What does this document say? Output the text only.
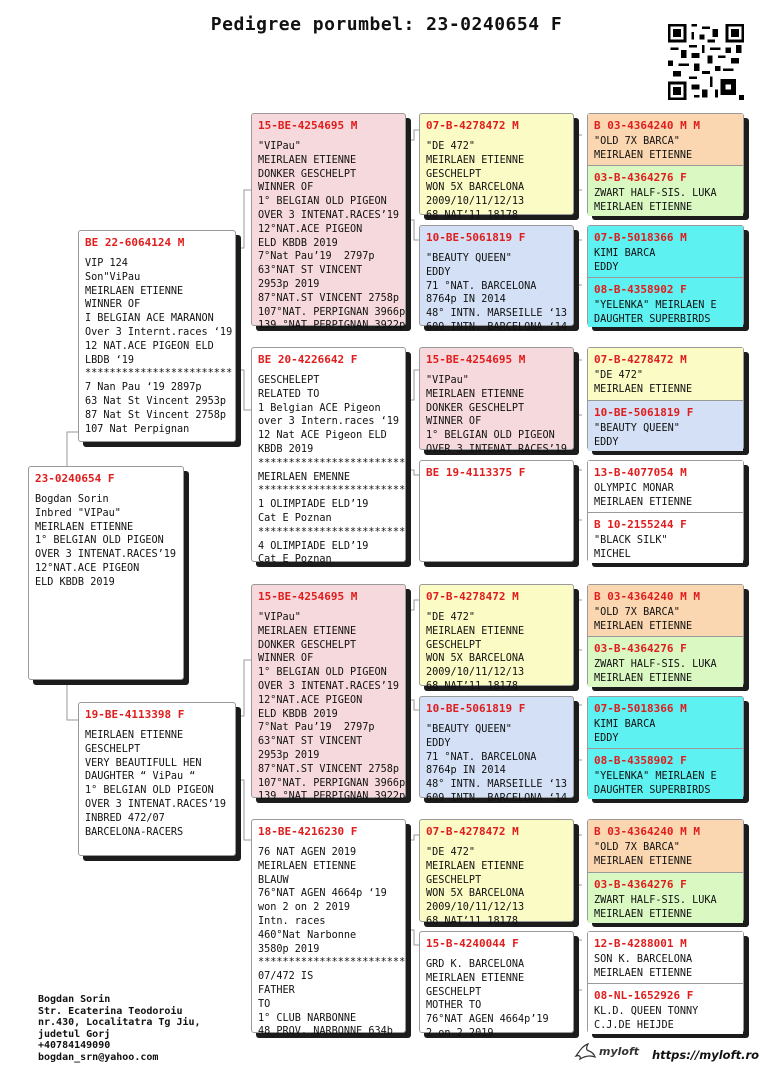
Pedigree porumbel: 23-0240654 F
23-0240654 F
Bogdan Sorin
Inbred "VIPau"
MEIRLAEN ETIENNE
1° BELGIAN OLD PIGEON
OVER 3 INTENAT.RACES’19
12°NAT.ACE PIGEON
ELD KBDB 2019
BE 22-6064124 M
VIP 124
Son"ViPau
MEIRLAEN ETIENNE
WINNER OF
I BELGIAN ACE MARANON
Over 3 Internt.races ‘19
12 NAT.ACE PIGEON ELD
LBDB ‘19
************************
7 Nan Pau ‘19 2897p
63 Nat St Vincent 2953p
87 Nat St Vincent 2758p
107 Nat Perpignan
19-BE-4113398 F
MEIRLAEN ETIENNE
GESCHELPT
VERY BEAUTIFULL HEN
DAUGHTER “ ViPau “
1° BELGIAN OLD PIGEON
OVER 3 INTENAT.RACES’19
INBRED 472/07
BARCELONA-RACERS
15-BE-4254695 M
"VIPau"
MEIRLAEN ETIENNE
DONKER GESCHELPT
WINNER OF
1° BELGIAN OLD PIGEON
OVER 3 INTENAT.RACES’19
12°NAT.ACE PIGEON
ELD KBDB 2019
7°Nat Pau’19  2797p
63°NAT ST VINCENT
2953p 2019
87°NAT.ST VINCENT 2758p
107°NAT. PERPIGNAN 3966p
139 °NAT PERPIGNAN 3922p
BE 20-4226642 F
GESCHELEPT
RELATED TO
1 Belgian ACE Pigeon
over 3 Intern.races ‘19
12 Nat ACE Pigeon ELD
KBDB 2019
************************
MEIRLAEN EMENNE
************************
1 OLIMPIADE ELD’19
Cat E Poznan
************************
4 OLIMPIADE ELD’19
Cat E Poznan
15-BE-4254695 M
"VIPau"
MEIRLAEN ETIENNE
DONKER GESCHELPT
WINNER OF
1° BELGIAN OLD PIGEON
OVER 3 INTENAT.RACES’19
12°NAT.ACE PIGEON
ELD KBDB 2019
7°Nat Pau’19  2797p
63°NAT ST VINCENT
2953p 2019
87°NAT.ST VINCENT 2758p
107°NAT. PERPIGNAN 3966p
139 °NAT PERPIGNAN 3922p
18-BE-4216230 F
76 NAT AGEN 2019
MEIRLAEN ETIENNE
BLAUW
76°NAT AGEN 4664p ‘19
won 2 on 2 2019
Intn. races
460°Nat Narbonne
3580p 2019
************************
07/472 IS
FATHER
TO
1° CLUB NARBONNE
48 PROV. NARBONNE 634b
07-B-4278472 M
"DE 472"
MEIRLAEN ETIENNE
GESCHELPT
WON 5X BARCELONA
2009/10/11/12/13
68 NAT’11 18178
10-BE-5061819 F
"BEAUTY QUEEN"
EDDY
71 °NAT. BARCELONA
8764p IN 2014
48° INTN. MARSEILLE ‘13
609 INTN. BARCELONA ‘14
15-BE-4254695 M
"VIPau"
MEIRLAEN ETIENNE
DONKER GESCHELPT
WINNER OF
1° BELGIAN OLD PIGEON
OVER 3 INTENAT.RACES’19
BE 19-4113375 F
07-B-4278472 M
"DE 472"
MEIRLAEN ETIENNE
GESCHELPT
WON 5X BARCELONA
2009/10/11/12/13
68 NAT’11 18178
10-BE-5061819 F
"BEAUTY QUEEN"
EDDY
71 °NAT. BARCELONA
8764p IN 2014
48° INTN. MARSEILLE ‘13
609 INTN. BARCELONA ‘14
07-B-4278472 M
"DE 472"
MEIRLAEN ETIENNE
GESCHELPT
WON 5X BARCELONA
2009/10/11/12/13
68 NAT’11 18178
15-B-4240044 F
GRD K. BARCELONA
MEIRLAEN ETIENNE
GESCHELPT
MOTHER TO
76°NAT AGEN 4664p’19
2 on 2 2019
B 03-4364240 M M
"OLD 7X BARCA"
MEIRLAEN ETIENNE
03-B-4364276 F
ZWART HALF-SIS. LUKA
MEIRLAEN ETIENNE
07-B-5018366 M
KIMI BARCA
EDDY
08-B-4358902 F
"YELENKA" MEIRLAEN E
DAUGHTER SUPERBIRDS
07-B-4278472 M
"DE 472"
MEIRLAEN ETIENNE
10-BE-5061819 F
"BEAUTY QUEEN"
EDDY
13-B-4077054 M
OLYMPIC MONAR
MEIRLAEN ETIENNE
B 10-2155244 F
"BLACK SILK"
MICHEL
B 03-4364240 M M
"OLD 7X BARCA"
MEIRLAEN ETIENNE
03-B-4364276 F
ZWART HALF-SIS. LUKA
MEIRLAEN ETIENNE
07-B-5018366 M
KIMI BARCA
EDDY
08-B-4358902 F
"YELENKA" MEIRLAEN E
DAUGHTER SUPERBIRDS
B 03-4364240 M M
"OLD 7X BARCA"
MEIRLAEN ETIENNE
03-B-4364276 F
ZWART HALF-SIS. LUKA
MEIRLAEN ETIENNE
12-B-4288001 M
SON K. BARCELONA
MEIRLAEN ETIENNE
08-NL-1652926 F
KL.D. QUEEN TONNY
C.J.DE HEIJDE
Bogdan Sorin
Str. Ecaterina Teodoroiu
nr.430, Localitatra Tg Jiu,
judetul Gorj
+40784149090
bogdan_srn@yahoo.com	myloft https://myloft.ro
